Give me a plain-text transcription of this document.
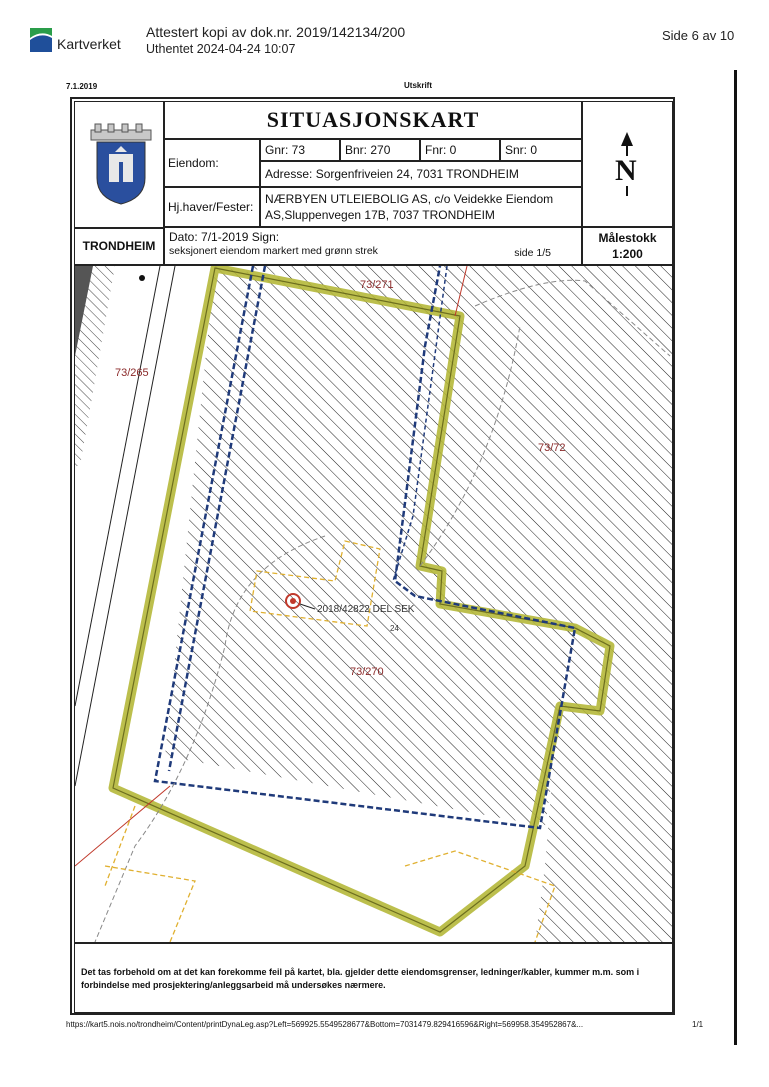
Kartverket
Attestert kopi av dok.nr. 2019/142134/200
Uthentet 2024-04-24 10:07
Side 6 av 10
7.1.2019	Utskrift
SITUASJONSKART
Eiendom:
Gnr: 73	Bnr: 270	Fnr: 0	Snr: 0
Adresse: Sorgenfriveien 24, 7031 TRONDHEIM
Hj.haver/Fester:
NÆRBYEN UTLEIEBOLIG AS, c/o Veidekke Eiendom
AS,Sluppenvegen 17B, 7037 TRONDHEIM
N
TRONDHEIM
Dato: 7/1-2019 Sign:
seksjonert eiendom markert med grønn strek	side 1/5
Målestokk
1:200
73/271
73/265
73/72
73/270
2018/42822 DEL SEK
24
Det tas forbehold om at det kan forekomme feil på kartet, bla. gjelder dette eiendomsgrenser, ledninger/kabler, kummer m.m. som i forbindelse med prosjektering/anleggsarbeid må undersøkes nærmere.
https://kart5.nois.no/trondheim/Content/printDynaLeg.asp?Left=569925.5549528677&Bottom=7031479.829416596&Right=569958.354952867&...	1/1
